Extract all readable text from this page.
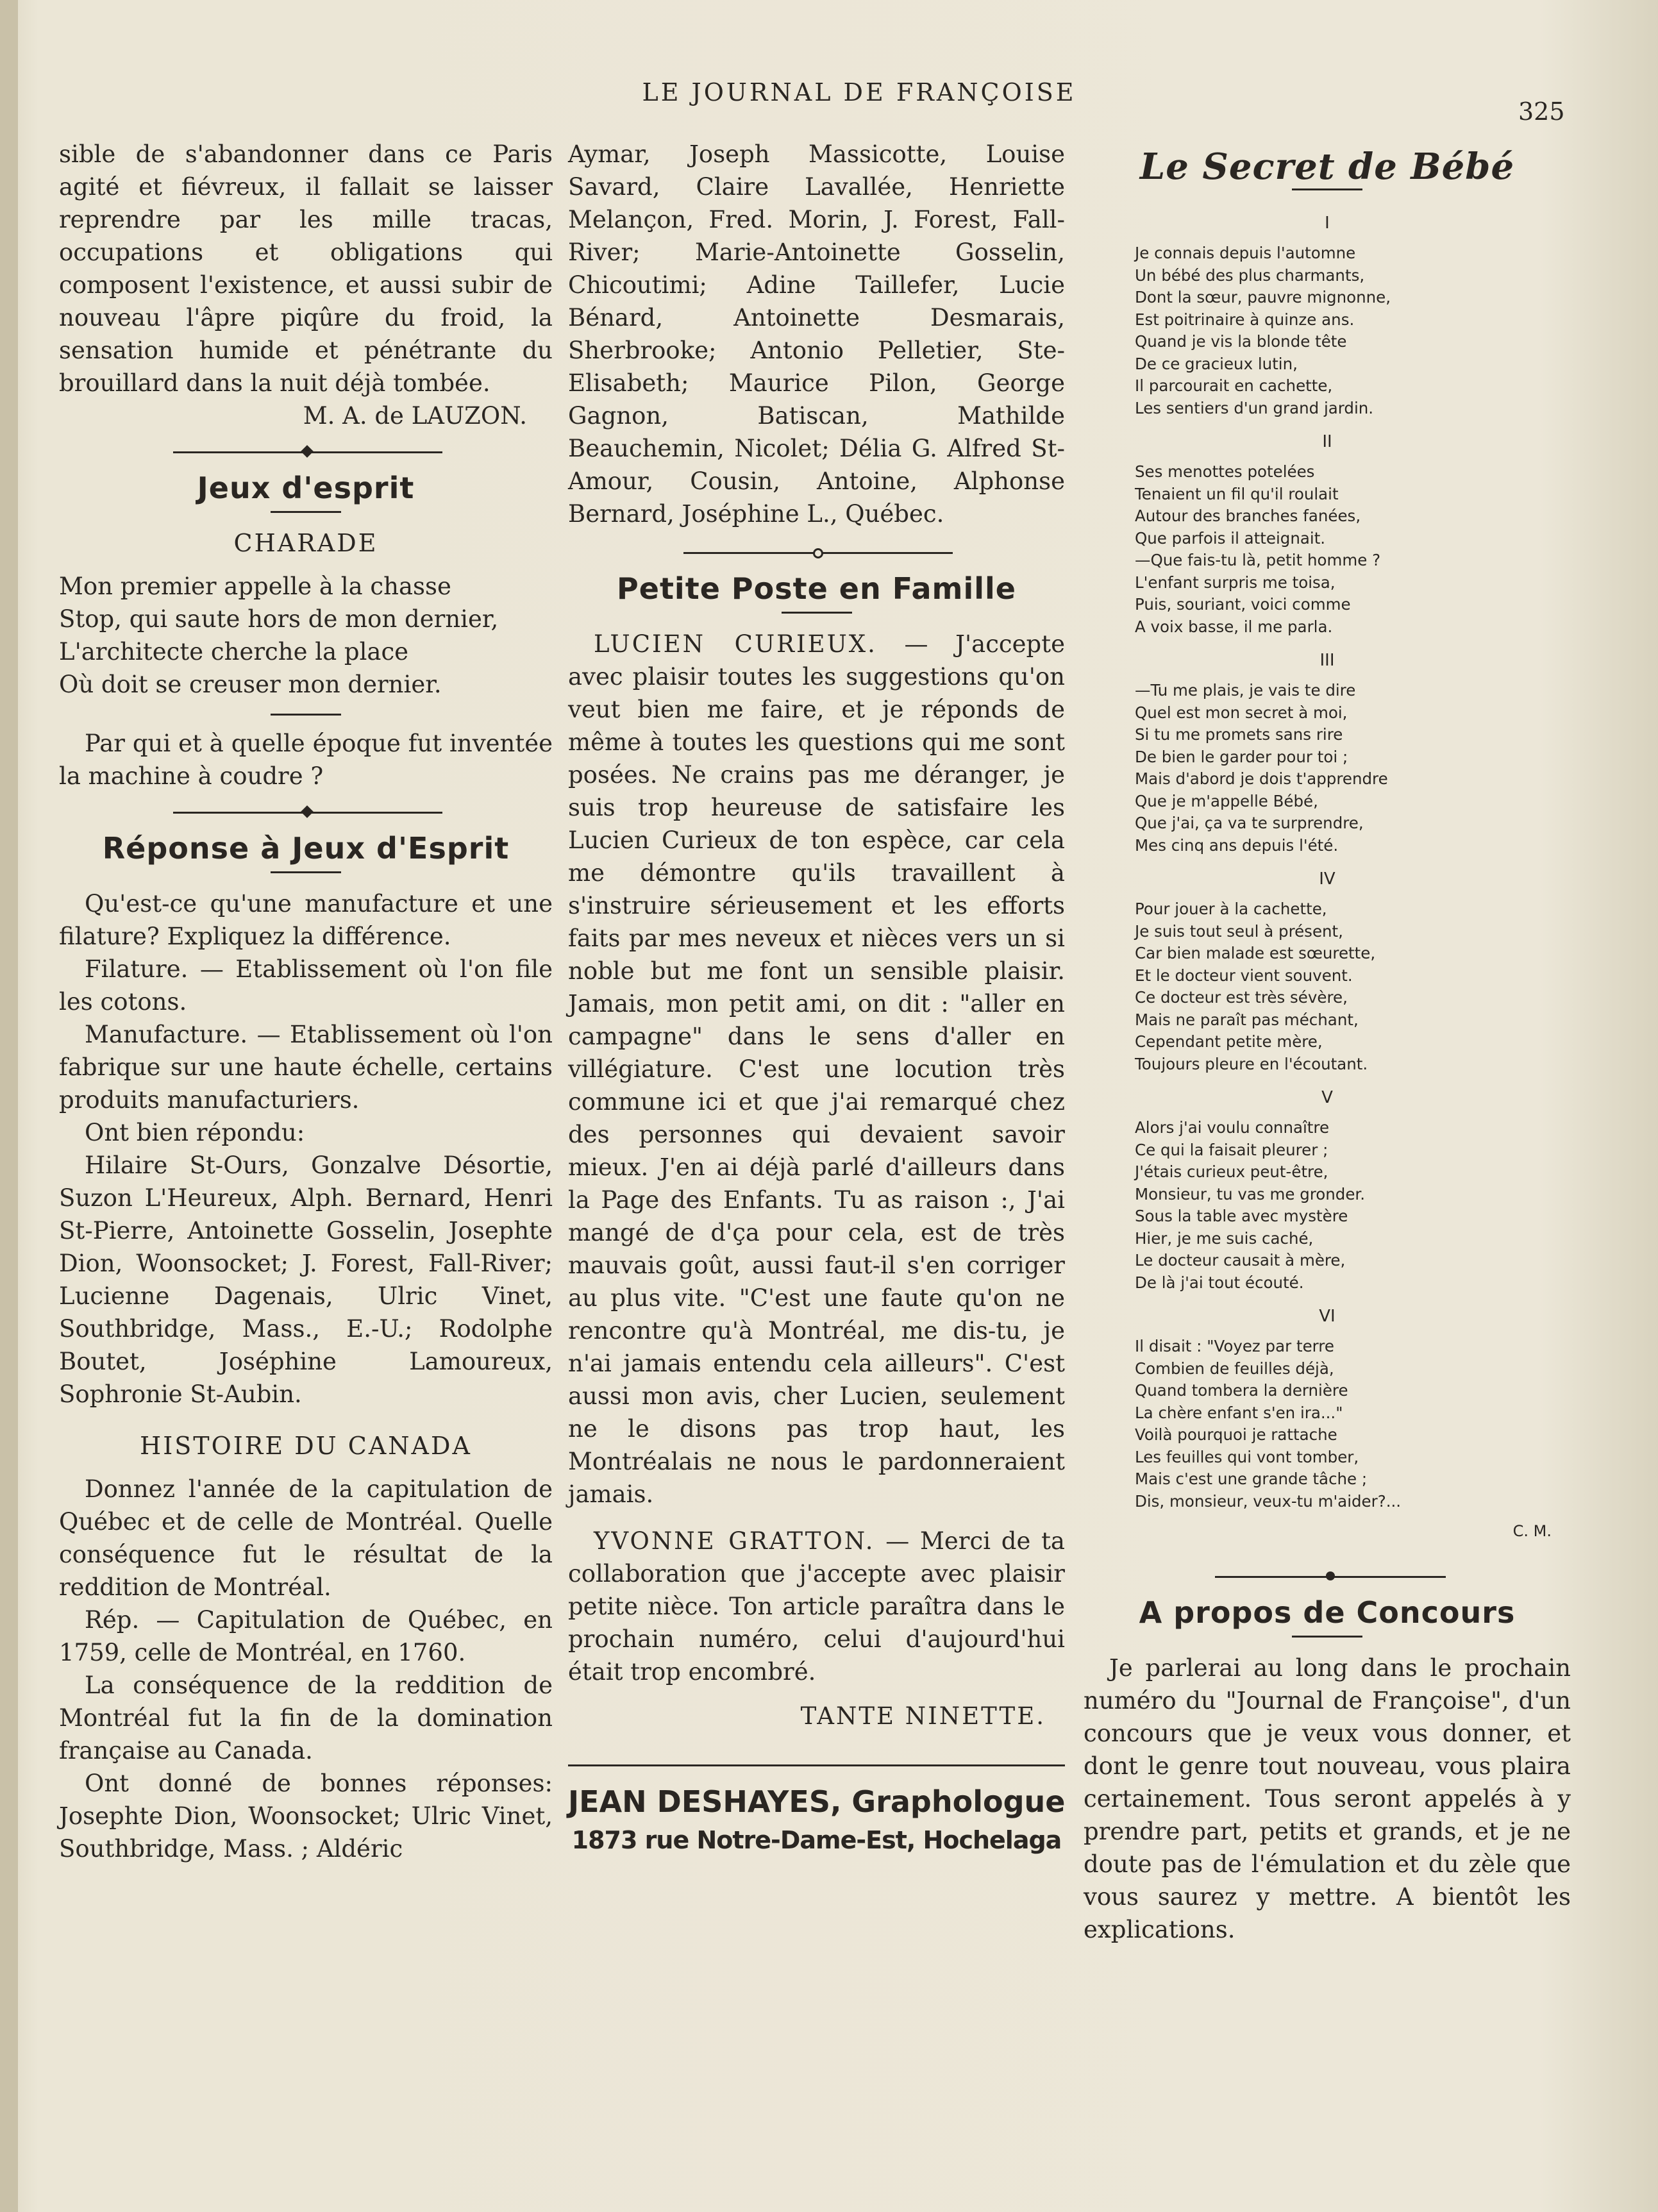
LE JOURNAL DE FRANÇOISE
325

sible de s'abandonner dans ce Paris agité et fiévreux, il fallait se laisser reprendre par les mille tracas, occupations et obligations qui composent l'existence, et aussi subir de nouveau l'âpre piqûre du froid, la sensation humide et pénétrante du brouillard dans la nuit déjà tombée.

M. A. de LAUZON.

Jeux d'esprit
CHARADE
Mon premier appelle à la chasse
Stop, qui saute hors de mon dernier,
L'architecte cherche la place
Où doit se creuser mon dernier.

Par qui et à quelle époque fut inventée la machine à coudre ?

Réponse à Jeux d'Esprit

Qu'est-ce qu'une manufacture et une filature? Expliquez la différence.

Filature. — Etablissement où l'on file les cotons.

Manufacture. — Etablissement où l'on fabrique sur une haute échelle, certains produits manufacturiers.

Ont bien répondu:

Hilaire St-Ours, Gonzalve Désortie, Suzon L'Heureux, Alph. Bernard, Henri St-Pierre, Antoinette Gosselin, Josephte Dion, Woonsocket; J. Forest, Fall-River; Lucienne Dagenais, Ulric Vinet, Southbridge, Mass., E.-U.; Rodolphe Boutet, Joséphine Lamoureux, Sophronie St-Aubin.

HISTOIRE DU CANADA

Donnez l'année de la capitulation de Québec et de celle de Montréal. Quelle conséquence fut le résultat de la reddition de Montréal.

Rép. — Capitulation de Québec, en 1759, celle de Montréal, en 1760.

La conséquence de la reddition de Montréal fut la fin de la domination française au Canada.

Ont donné de bonnes réponses: Josephte Dion, Woonsocket; Ulric Vinet, Southbridge, Mass. ; Aldéric

Aymar, Joseph Massicotte, Louise Savard, Claire Lavallée, Henriette Melançon, Fred. Morin, J. Forest, Fall-River; Marie-Antoinette Gosselin, Chicoutimi; Adine Taillefer, Lucie Bénard, Antoinette Desmarais, Sherbrooke; Antonio Pelletier, Ste-Elisabeth; Maurice Pilon, George Gagnon, Batiscan, Mathilde Beauchemin, Nicolet; Délia G. Alfred St-Amour, Cousin, Antoine, Alphonse Bernard, Joséphine L., Québec.

Petite Poste en Famille

LUCIEN CURIEUX. — J'accepte avec plaisir toutes les suggestions qu'on veut bien me faire, et je réponds de même à toutes les questions qui me sont posées. Ne crains pas me déranger, je suis trop heureuse de satisfaire les Lucien Curieux de ton espèce, car cela me démontre qu'ils travaillent à s'instruire sérieusement et les efforts faits par mes neveux et nièces vers un si noble but me font un sensible plaisir. Jamais, mon petit ami, on dit : "aller en campagne" dans le sens d'aller en villégiature. C'est une locution très commune ici et que j'ai remarqué chez des personnes qui devaient savoir mieux. J'en ai déjà parlé d'ailleurs dans la Page des Enfants. Tu as raison :, J'ai mangé de d'ça pour cela, est de très mauvais goût, aussi faut-il s'en corriger au plus vite. "C'est une faute qu'on ne rencontre qu'à Montréal, me dis-tu, je n'ai jamais entendu cela ailleurs". C'est aussi mon avis, cher Lucien, seulement ne le disons pas trop haut, les Montréalais ne nous le pardonneraient jamais.

YVONNE GRATTON. — Merci de ta collaboration que j'accepte avec plaisir petite nièce. Ton article paraîtra dans le prochain numéro, celui d'aujourd'hui était trop encombré.

TANTE NINETTE.

JEAN DESHAYES, Graphologue
1873 rue Notre-Dame-Est, Hochelaga
Le Secret de Bébé
I
Je connais depuis l'automne
Un bébé des plus charmants,
Dont la sœur, pauvre mignonne,
Est poitrinaire à quinze ans.
Quand je vis la blonde tête
De ce gracieux lutin,
Il parcourait en cachette,
Les sentiers d'un grand jardin.
II
Ses menottes potelées
Tenaient un fil qu'il roulait
Autour des branches fanées,
Que parfois il atteignait.
—Que fais-tu là, petit homme ?
L'enfant surpris me toisa,
Puis, souriant, voici comme
A voix basse, il me parla.
III
—Tu me plais, je vais te dire
Quel est mon secret à moi,
Si tu me promets sans rire
De bien le garder pour toi ;
Mais d'abord je dois t'apprendre
Que je m'appelle Bébé,
Que j'ai, ça va te surprendre,
Mes cinq ans depuis l'été.
IV
Pour jouer à la cachette,
Je suis tout seul à présent,
Car bien malade est sœurette,
Et le docteur vient souvent.
Ce docteur est très sévère,
Mais ne paraît pas méchant,
Cependant petite mère,
Toujours pleure en l'écoutant.
V
Alors j'ai voulu connaître
Ce qui la faisait pleurer ;
J'étais curieux peut-être,
Monsieur, tu vas me gronder.
Sous la table avec mystère
Hier, je me suis caché,
Le docteur causait à mère,
De là j'ai tout écouté.
VI
Il disait : "Voyez par terre
Combien de feuilles déjà,
Quand tombera la dernière
La chère enfant s'en ira..."
Voilà pourquoi je rattache
Les feuilles qui vont tomber,
Mais c'est une grande tâche ;
Dis, monsieur, veux-tu m'aider?...
C. M.
A propos de Concours

Je parlerai au long dans le prochain numéro du "Journal de Françoise", d'un concours que je veux vous donner, et dont le genre tout nouveau, vous plaira certainement. Tous seront appelés à y prendre part, petits et grands, et je ne doute pas de l'émulation et du zèle que vous saurez y mettre. A bientôt les explications.
